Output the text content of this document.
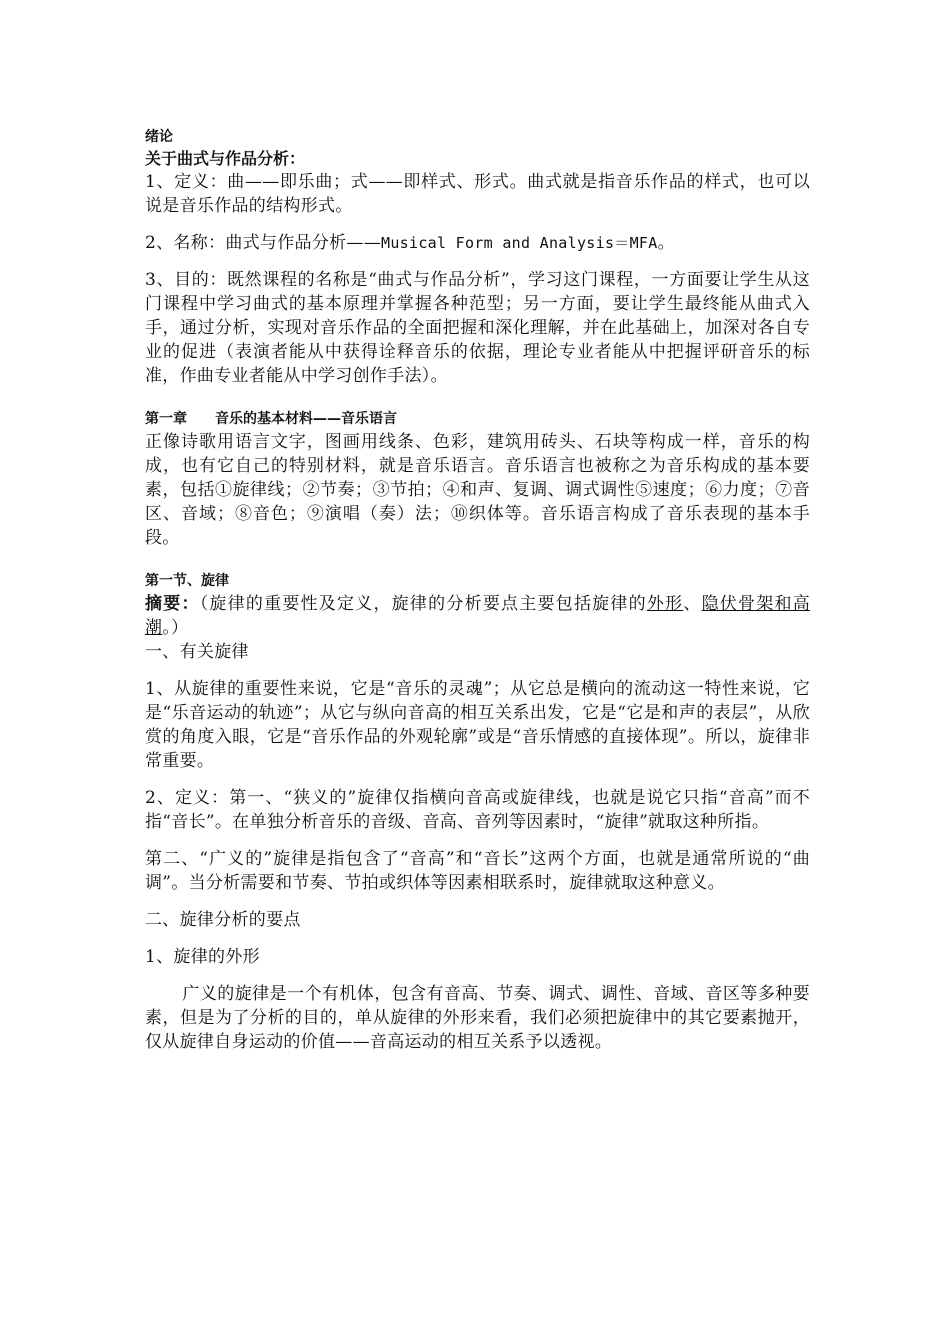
绪论

关于曲式与作品分析：

1、定义：曲——即乐曲；式——即样式、形式。曲式就是指音乐作品的样式，也可以说是音乐作品的结构形式。

2、名称：曲式与作品分析——Musical Form and Analysis＝MFA。

3、目的：既然课程的名称是“曲式与作品分析”，学习这门课程，一方面要让学生从这门课程中学习曲式的基本原理并掌握各种范型；另一方面，要让学生最终能从曲式入手，通过分析，实现对音乐作品的全面把握和深化理解，并在此基础上，加深对各自专业的促进（表演者能从中获得诠释音乐的依据，理论专业者能从中把握评研音乐的标准，作曲专业者能从中学习创作手法）。

第一章　　音乐的基本材料——音乐语言

正像诗歌用语言文字，图画用线条、色彩，建筑用砖头、石块等构成一样，音乐的构成，也有它自己的特别材料，就是音乐语言。音乐语言也被称之为音乐构成的基本要素，包括①旋律线；②节奏；③节拍；④和声、复调、调式调性⑤速度；⑥力度；⑦音区、音域；⑧音色；⑨演唱（奏）法；⑩织体等。音乐语言构成了音乐表现的基本手段。

第一节、旋律

摘要：（旋律的重要性及定义，旋律的分析要点主要包括旋律的外形、隐伏骨架和高潮。）

一、有关旋律

1、从旋律的重要性来说，它是“音乐的灵魂”；从它总是横向的流动这一特性来说，它是“乐音运动的轨迹”；从它与纵向音高的相互关系出发，它是“它是和声的表层”，从欣赏的角度入眼，它是“音乐作品的外观轮廓”或是“音乐情感的直接体现”。所以，旋律非常重要。

2、定义：第一、“狭义的”旋律仅指横向音高或旋律线，也就是说它只指“音高”而不指“音长”。在单独分析音乐的音级、音高、音列等因素时，“旋律”就取这种所指。

第二、“广义的”旋律是指包含了“音高”和“音长”这两个方面，也就是通常所说的“曲调”。当分析需要和节奏、节拍或织体等因素相联系时，旋律就取这种意义。

二、旋律分析的要点

1、旋律的外形

广义的旋律是一个有机体，包含有音高、节奏、调式、调性、音域、音区等多种要素，但是为了分析的目的，单从旋律的外形来看，我们必须把旋律中的其它要素抛开，仅从旋律自身运动的价值——音高运动的相互关系予以透视。
